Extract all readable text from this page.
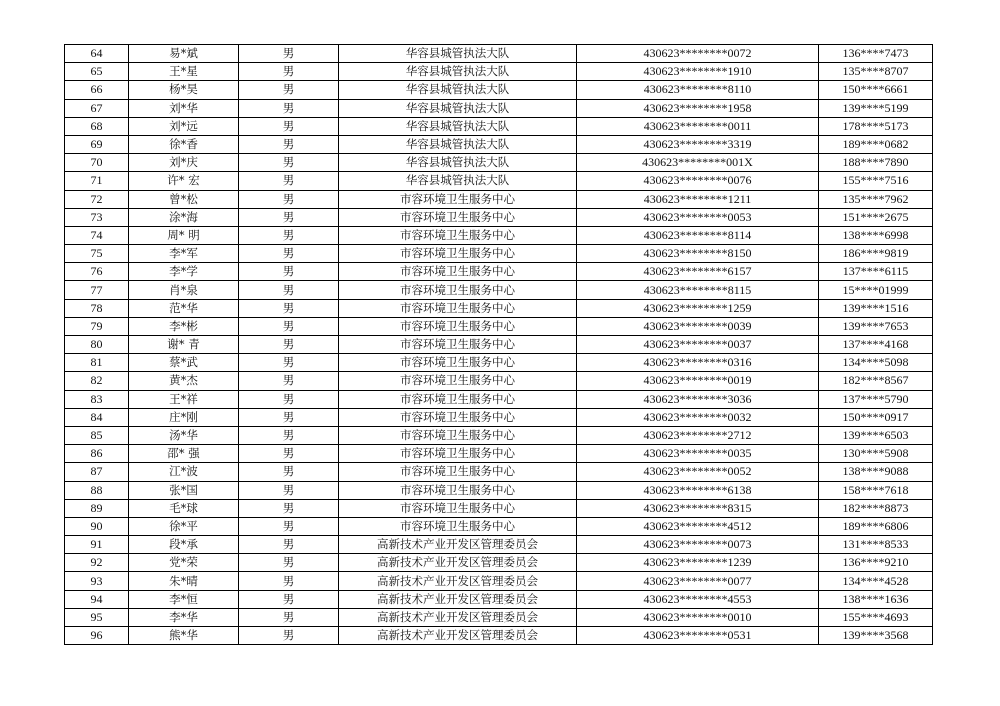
64	易*斌	男	华容县城管执法大队	430623********0072	136****7473
65	王*星	男	华容县城管执法大队	430623********1910	135****8707
66	杨*昊	男	华容县城管执法大队	430623********8110	150****6661
67	刘*华	男	华容县城管执法大队	430623********1958	139****5199
68	刘*远	男	华容县城管执法大队	430623********0011	178****5173
69	徐*香	男	华容县城管执法大队	430623********3319	189****0682
70	刘*庆	男	华容县城管执法大队	430623********001X	188****7890
71	许* 宏	男	华容县城管执法大队	430623********0076	155****7516
72	曾*松	男	市容环境卫生服务中心	430623********1211	135****7962
73	涂*海	男	市容环境卫生服务中心	430623********0053	151****2675
74	周* 明	男	市容环境卫生服务中心	430623********8114	138****6998
75	李*军	男	市容环境卫生服务中心	430623********8150	186****9819
76	李*学	男	市容环境卫生服务中心	430623********6157	137****6115
77	肖*泉	男	市容环境卫生服务中心	430623********8115	15****01999
78	范*华	男	市容环境卫生服务中心	430623********1259	139****1516
79	李*彬	男	市容环境卫生服务中心	430623********0039	139****7653
80	谢* 青	男	市容环境卫生服务中心	430623********0037	137****4168
81	蔡*武	男	市容环境卫生服务中心	430623********0316	134****5098
82	黄*杰	男	市容环境卫生服务中心	430623********0019	182****8567
83	王*祥	男	市容环境卫生服务中心	430623********3036	137****5790
84	庄*刚	男	市容环境卫生服务中心	430623********0032	150****0917
85	汤*华	男	市容环境卫生服务中心	430623********2712	139****6503
86	邵* 强	男	市容环境卫生服务中心	430623********0035	130****5908
87	江*波	男	市容环境卫生服务中心	430623********0052	138****9088
88	张*国	男	市容环境卫生服务中心	430623********6138	158****7618
89	毛*球	男	市容环境卫生服务中心	430623********8315	182****8873
90	徐*平	男	市容环境卫生服务中心	430623********4512	189****6806
91	段*承	男	高新技术产业开发区管理委员会	430623********0073	131****8533
92	党*荣	男	高新技术产业开发区管理委员会	430623********1239	136****9210
93	朱*晴	男	高新技术产业开发区管理委员会	430623********0077	134****4528
94	李*恒	男	高新技术产业开发区管理委员会	430623********4553	138****1636
95	李*华	男	高新技术产业开发区管理委员会	430623********0010	155****4693
96	熊*华	男	高新技术产业开发区管理委员会	430623********0531	139****3568
